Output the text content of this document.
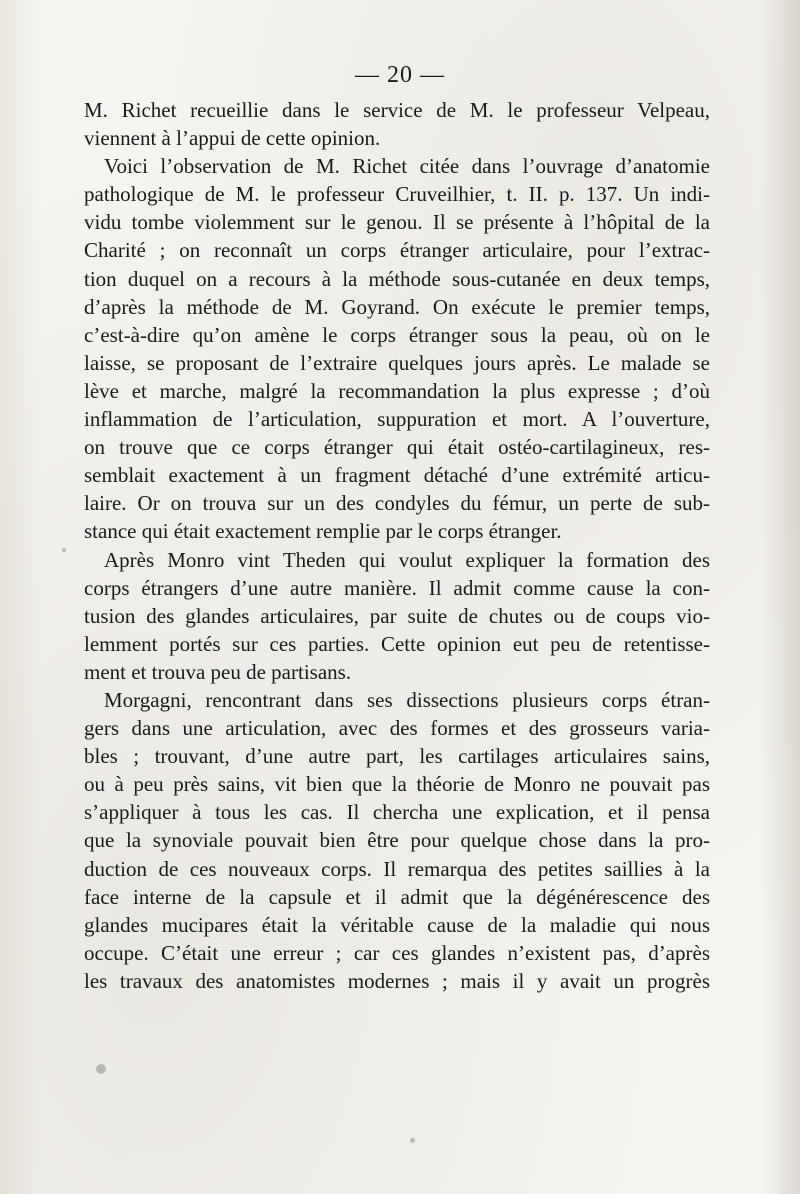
— 20 —
M. Richet recueillie dans le service de M. le professeur Velpeau,
viennent à l’appui de cette opinion.
Voici l’observation de M. Richet citée dans l’ouvrage d’anatomie
pathologique de M. le professeur Cruveilhier, t. II. p. 137. Un indi-
vidu tombe violemment sur le genou. Il se présente à l’hôpital de la
Charité ; on reconnaît un corps étranger articulaire, pour l’extrac-
tion duquel on a recours à la méthode sous-cutanée en deux temps,
d’après la méthode de M. Goyrand. On exécute le premier temps,
c’est-à-dire qu’on amène le corps étranger sous la peau, où on le
laisse, se proposant de l’extraire quelques jours après. Le malade se
lève et marche, malgré la recommandation la plus expresse ; d’où
inflammation de l’articulation, suppuration et mort. A l’ouverture,
on trouve que ce corps étranger qui était ostéo-cartilagineux, res-
semblait exactement à un fragment détaché d’une extrémité articu-
laire. Or on trouva sur un des condyles du fémur, un perte de sub-
stance qui était exactement remplie par le corps étranger.
Après Monro vint Theden qui voulut expliquer la formation des
corps étrangers d’une autre manière. Il admit comme cause la con-
tusion des glandes articulaires, par suite de chutes ou de coups vio-
lemment portés sur ces parties. Cette opinion eut peu de retentisse-
ment et trouva peu de partisans.
Morgagni, rencontrant dans ses dissections plusieurs corps étran-
gers dans une articulation, avec des formes et des grosseurs varia-
bles ; trouvant, d’une autre part, les cartilages articulaires sains,
ou à peu près sains, vit bien que la théorie de Monro ne pouvait pas
s’appliquer à tous les cas. Il chercha une explication, et il pensa
que la synoviale pouvait bien être pour quelque chose dans la pro-
duction de ces nouveaux corps. Il remarqua des petites saillies à la
face interne de la capsule et il admit que la dégénérescence des
glandes mucipares était la véritable cause de la maladie qui nous
occupe. C’était une erreur ; car ces glandes n’existent pas, d’après
les travaux des anatomistes modernes ; mais il y avait un progrès
